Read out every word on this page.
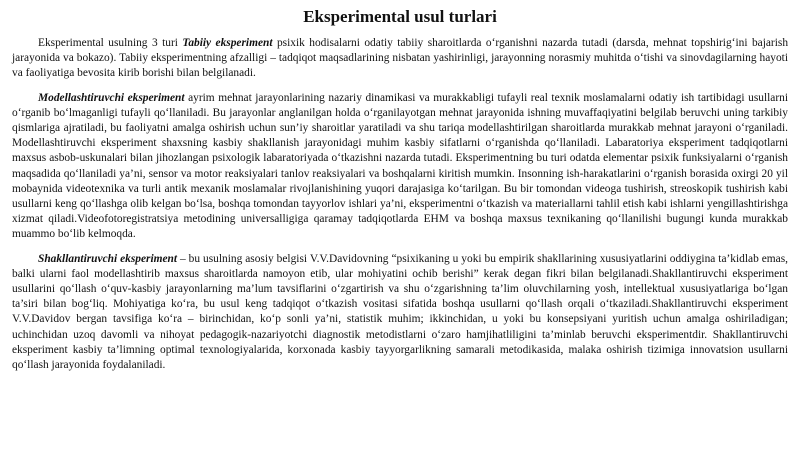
Eksperimental usul turlari

Eksperimental usulning 3 turi Tabiiy eksperiment psixik hodisalarni odatiy tabiiy sharoitlarda o‘rganishni nazarda tutadi (darsda, mehnat topshirig‘ini bajarish jarayonida va bokazo). Tabiiy eksperimentning afzalligi – tadqiqot maqsadlarining nisbatan yashirinligi, jarayonning norasmiy muhitda o‘tishi va sinovdagilarning hayoti va faoliyatiga bevosita kirib borishi bilan belgilanadi.

Modellashtiruvchi eksperiment ayrim mehnat jarayonlarining nazariy dinamikasi va murakkabligi tufayli real texnik moslamalarni odatiy ish tartibidagi usullarni o‘rganib bo‘lmaganligi tufayli qo‘llaniladi. Bu jarayonlar anglanilgan holda o‘rganilayotgan mehnat jarayonida ishning muvaffaqiyatini belgilab beruvchi uning tarkibiy qismlariga ajratiladi, bu faoliyatni amalga oshirish uchun sun’iy sharoitlar yaratiladi va shu tariqa modellashtirilgan sharoitlarda murakkab mehnat jarayoni o‘rganiladi. Modellashtiruvchi eksperiment shaxsning kasbiy shakllanish jarayonidagi muhim kasbiy sifatlarni o‘rganishda qo‘llaniladi. Labaratoriya eksperiment tadqiqotlarni maxsus asbob-uskunalari bilan jihozlangan psixologik labaratoriyada o‘tkazishni nazarda tutadi. Eksperimentning bu turi odatda elementar psixik funksiyalarni o‘rganish maqsadida qo‘llaniladi ya’ni, sensor va motor reaksiyalari tanlov reaksiyalari va boshqalarni kiritish mumkin. Insonning ish-harakatlarini o‘rganish borasida oxirgi 20 yil mobaynida videotexnika va turli antik mexanik moslamalar rivojlanishining yuqori darajasiga ko‘tarilgan. Bu bir tomondan videoga tushirish, streoskopik tushirish kabi usullarni keng qo‘llashga olib kelgan bo‘lsa, boshqa tomondan tayyorlov ishlari ya’ni, eksperimentni o‘tkazish va materiallarni tahlil etish kabi ishlarni yengillashtirishga xizmat qiladi.Videofotoregistratsiya metodining universalligiga qaramay tadqiqotlarda EHM va boshqa maxsus texnikaning qo‘llanilishi bugungi kunda murakkab muammo bo‘lib kelmoqda.

Shakllantiruvchi eksperiment – bu usulning asosiy belgisi V.V.Davidovning “psixikaning u yoki bu empirik shakllarining xususiyatlarini oddiygina ta’kidlab emas, balki ularni faol modellashtirib maxsus sharoitlarda namoyon etib, ular mohiyatini ochib berishi” kerak degan fikri bilan belgilanadi.Shakllantiruvchi eksperiment usullarini qo‘llash o‘quv-kasbiy jarayonlarning ma’lum tavsiflarini o‘zgartirish va shu o‘zgarishning ta’lim oluvchilarning yosh, intellektual xususiyatlariga bo‘lgan ta’siri bilan bog‘liq. Mohiyatiga ko‘ra, bu usul keng tadqiqot o‘tkazish vositasi sifatida boshqa usullarni qo‘llash orqali o‘tkaziladi.Shakllantiruvchi eksperiment V.V.Davidov bergan tavsifiga ko‘ra – birinchidan, ko‘p sonli ya’ni, statistik muhim; ikkinchidan, u yoki bu konsepsiyani yuritish uchun amalga oshiriladigan; uchinchidan uzoq davomli va nihoyat pedagogik-nazariyotchi diagnostik metodistlarni o‘zaro hamjihatliligini ta’minlab beruvchi eksperimentdir. Shakllantiruvchi eksperiment kasbiy ta’limning optimal texnologiyalarida, korxonada kasbiy tayyorgarlikning samarali metodikasida, malaka oshirish tizimiga innovatsion usullarni qo‘llash jarayonida foydalaniladi.
